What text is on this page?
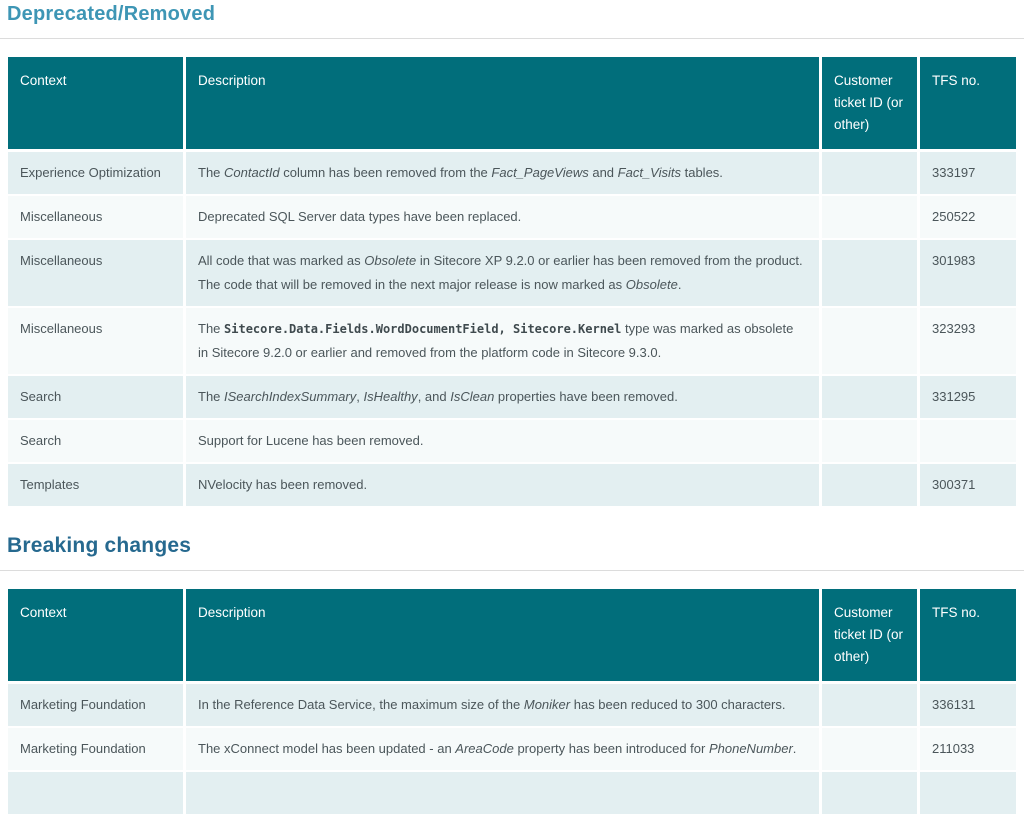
Deprecated/Removed
Context	Description	Customer ticket ID (or other)	TFS no.
Experience Optimization	The ContactId column has been removed from the Fact_PageViews and Fact_Visits tables.		333197
Miscellaneous	Deprecated SQL Server data types have been replaced.		250522
Miscellaneous	All code that was marked as Obsolete in Sitecore XP 9.2.0 or earlier has been removed from the product. The code that will be removed in the next major release is now marked as Obsolete.		301983
Miscellaneous	The Sitecore.Data.Fields.WordDocumentField, Sitecore.Kernel type was marked as obsolete in Sitecore 9.2.0 or earlier and removed from the platform code in Sitecore 9.3.0.		323293
Search	The ISearchIndexSummary, IsHealthy, and IsClean properties have been removed.		331295
Search	Support for Lucene has been removed.		
Templates	NVelocity has been removed.		300371
Breaking changes
Context	Description	Customer ticket ID (or other)	TFS no.
Marketing Foundation	In the Reference Data Service, the maximum size of the Moniker has been reduced to 300 characters.		336131
Marketing Foundation	The xConnect model has been updated - an AreaCode property has been introduced for PhoneNumber.		211033
